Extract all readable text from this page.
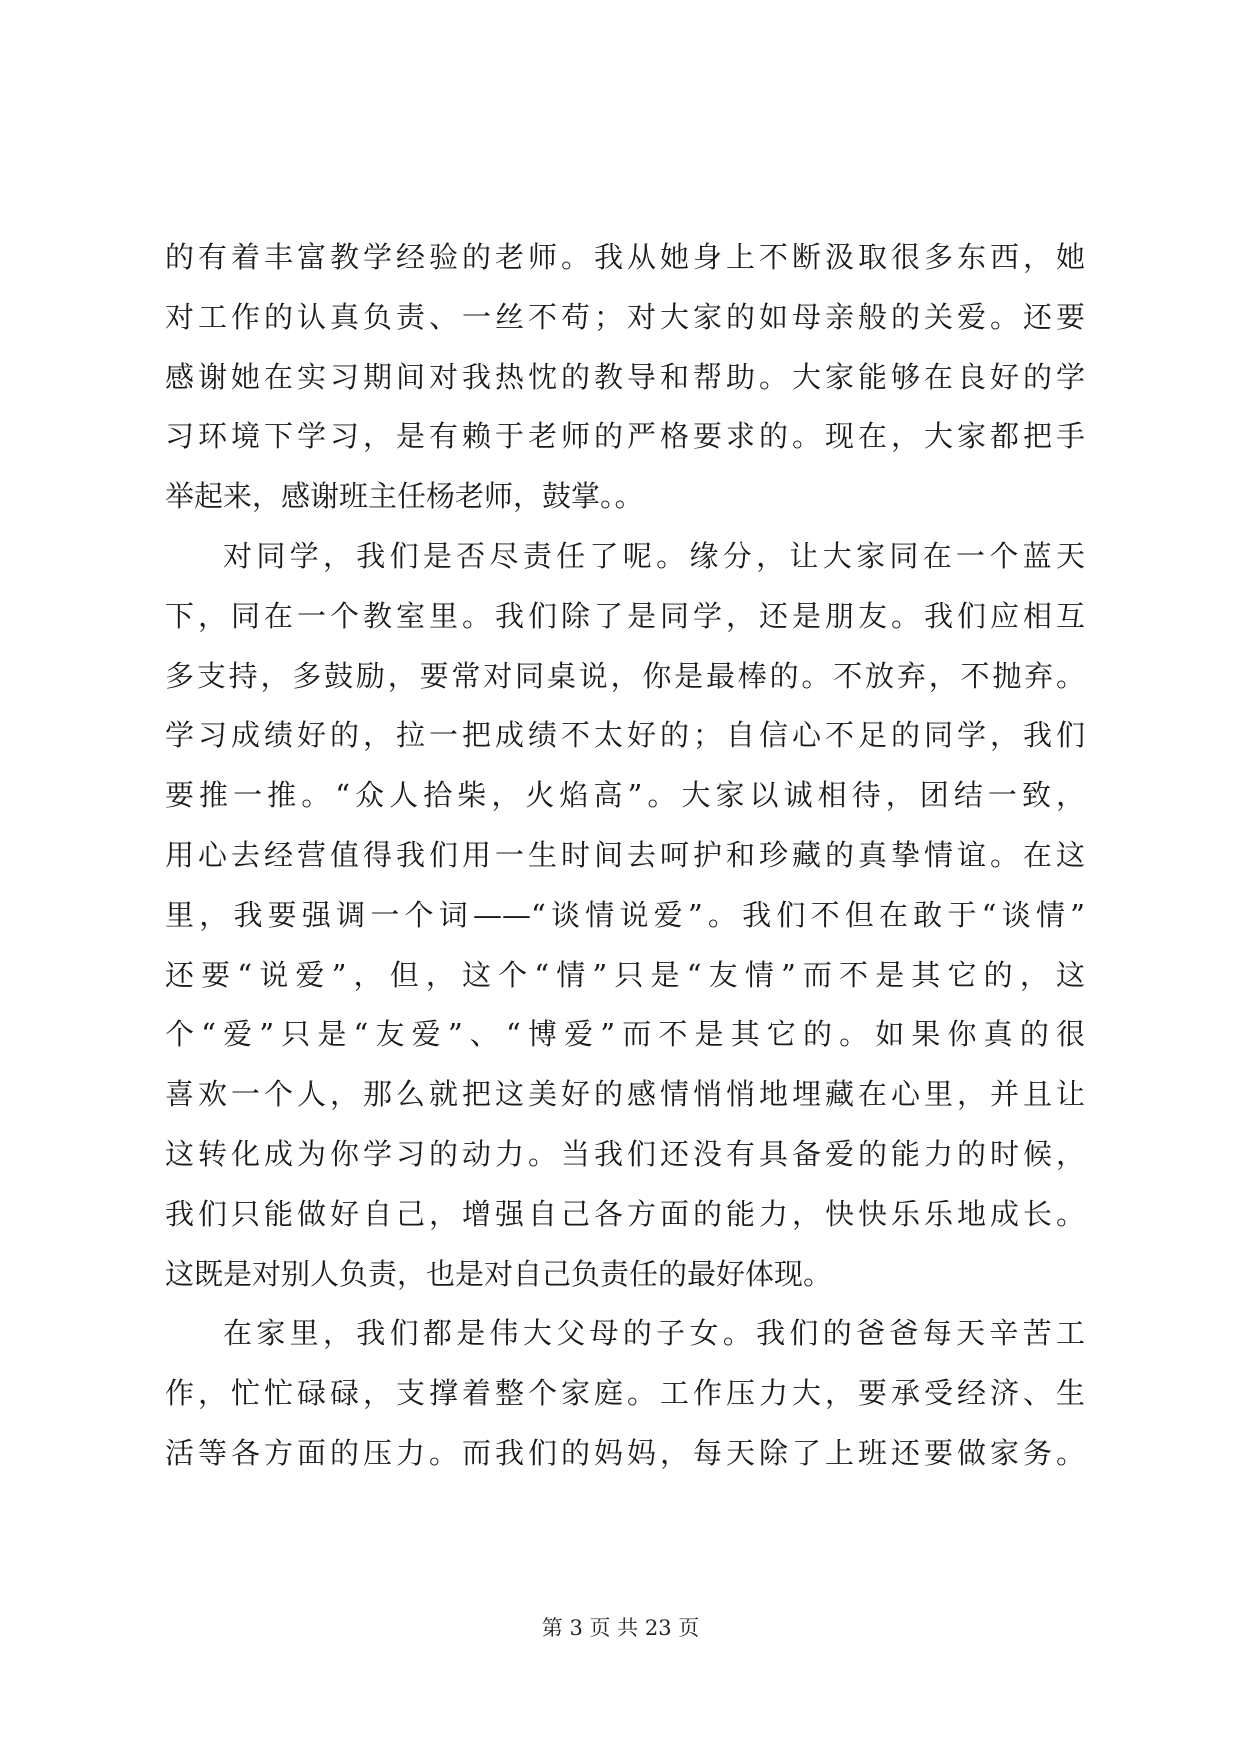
的有着丰富教学经验的老师。我从她身上不断汲取很多东西，她
对工作的认真负责、一丝不苟；对大家的如母亲般的关爱。还要
感谢她在实习期间对我热忱的教导和帮助。大家能够在良好的学
习环境下学习，是有赖于老师的严格要求的。现在，大家都把手
举起来，感谢班主任杨老师，鼓掌。。
对同学，我们是否尽责任了呢。缘分，让大家同在一个蓝天
下，同在一个教室里。我们除了是同学，还是朋友。我们应相互
多支持，多鼓励，要常对同桌说，你是最棒的。不放弃，不抛弃。
学习成绩好的，拉一把成绩不太好的；自信心不足的同学，我们
要推一推。“众人拾柴，火焰高”。大家以诚相待，团结一致，
用心去经营值得我们用一生时间去呵护和珍藏的真挚情谊。在这
里，我要强调一个词——“谈情说爱”。我们不但在敢于“谈情”
还要“说爱”，但，这个“情”只是“友情”而不是其它的，这
个“爱”只是“友爱”、“博爱”而不是其它的。如果你真的很
喜欢一个人，那么就把这美好的感情悄悄地埋藏在心里，并且让
这转化成为你学习的动力。当我们还没有具备爱的能力的时候，
我们只能做好自己，增强自己各方面的能力，快快乐乐地成长。
这既是对别人负责，也是对自己负责任的最好体现。
在家里，我们都是伟大父母的子女。我们的爸爸每天辛苦工
作，忙忙碌碌，支撑着整个家庭。工作压力大，要承受经济、生
活等各方面的压力。而我们的妈妈，每天除了上班还要做家务。
第 3 页 共 23 页
